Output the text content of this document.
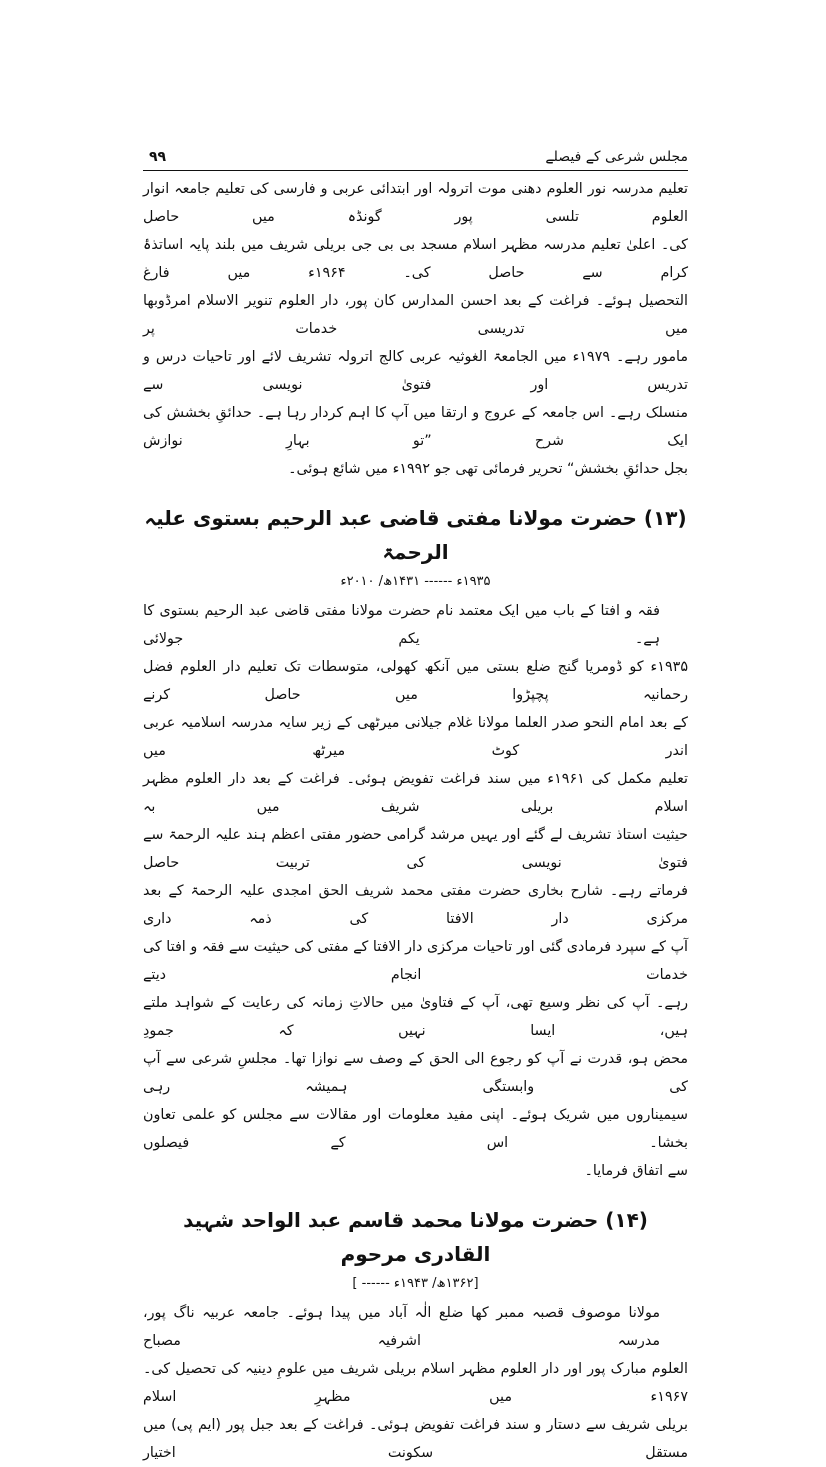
مجلس شرعی کے فیصلے
۹۹
تعلیم مدرسہ نور العلوم دھنی موت اترولہ اور ابتدائی عربی و فارسی کی تعلیم جامعہ انوار العلوم تلسی پور گونڈہ میں حاصل
کی۔ اعلیٰ تعلیم مدرسہ مظہر اسلام مسجد بی بی جی بریلی شریف میں بلند پایہ اساتذۂ کرام سے حاصل کی۔ ۱۹۶۴ء میں فارغ
التحصیل ہوئے۔ فراغت کے بعد احسن المدارس کان پور، دار العلوم تنویر الاسلام امرڈوبھا میں تدریسی خدمات پر
مامور رہے۔ ۱۹۷۹ء میں الجامعۃ الغوثیہ عربی کالج اترولہ تشریف لائے اور تاحیات درس و تدریس اور فتویٰ نویسی سے
منسلک رہے۔ اس جامعہ کے عروج و ارتقا میں آپ کا اہم کردار رہا ہے۔ حدائقِ بخشش کی ایک شرح ”تو بہارِ نوازش
بجل حدائقِ بخشش“ تحریر فرمائی تھی جو ۱۹۹۲ء میں شائع ہوئی۔
(۱۳) حضرت مولانا مفتی قاضی عبد الرحیم بستوی علیہ الرحمۃ
۱۹۳۵ء ------ ۱۴۳۱ھ/ ۲۰۱۰ء
فقہ و افتا کے باب میں ایک معتمد نام حضرت مولانا مفتی قاضی عبد الرحیم بستوی کا ہے۔ یکم جولائی
۱۹۳۵ء کو ڈومریا گنج ضلع بستی میں آنکھ کھولی، متوسطات تک تعلیم دار العلوم فضل رحمانیہ پچپڑوا میں حاصل کرنے
کے بعد امام النحو صدر العلما مولانا غلام جیلانی میرٹھی کے زیر سایہ مدرسہ اسلامیہ عربی اندر کوٹ میرٹھ میں
تعلیم مکمل کی ۱۹۶۱ء میں سند فراغت تفویض ہوئی۔ فراغت کے بعد دار العلوم مظہر اسلام بریلی شریف میں بہ
حیثیت استاذ تشریف لے گئے اور یہیں مرشد گرامی حضور مفتی اعظم ہند علیہ الرحمۃ سے فتویٰ نویسی کی تربیت حاصل
فرماتے رہے۔ شارح بخاری حضرت مفتی محمد شریف الحق امجدی علیہ الرحمۃ کے بعد مرکزی دار الافتا کی ذمہ داری
آپ کے سپرد فرمادی گئی اور تاحیات مرکزی دار الافتا کے مفتی کی حیثیت سے فقہ و افتا کی خدمات انجام دیتے
رہے۔ آپ کی نظر وسیع تھی، آپ کے فتاویٰ میں حالاتِ زمانہ کی رعایت کے شواہد ملتے ہیں، ایسا نہیں کہ جمودِ
محض ہو، قدرت نے آپ کو رجوع الی الحق کے وصف سے نوازا تھا۔ مجلسِ شرعی سے آپ کی وابستگی ہمیشہ رہی
سیمیناروں میں شریک ہوئے۔ اپنی مفید معلومات اور مقالات سے مجلس کو علمی تعاون بخشا۔ اس کے فیصلوں
سے اتفاق فرمایا۔
(۱۴) حضرت مولانا محمد قاسم عبد الواحد شہید القادری مرحوم
[۱۳۶۲ھ/ ۱۹۴۳ء ------ ]
مولانا موصوف قصبہ ممبر کھا ضلع الٰہ آباد میں پیدا ہوئے۔ جامعہ عربیہ ناگ پور، مدرسہ اشرفیہ مصباح
العلوم مبارک پور اور دار العلوم مظہر اسلام بریلی شریف میں علومِ دینیہ کی تحصیل کی۔ ۱۹۶۷ء میں مظہرِ اسلام
بریلی شریف سے دستار و سند فراغت تفویض ہوئی۔ فراغت کے بعد جبل پور (ایم پی) میں مستقل سکونت اختیار
